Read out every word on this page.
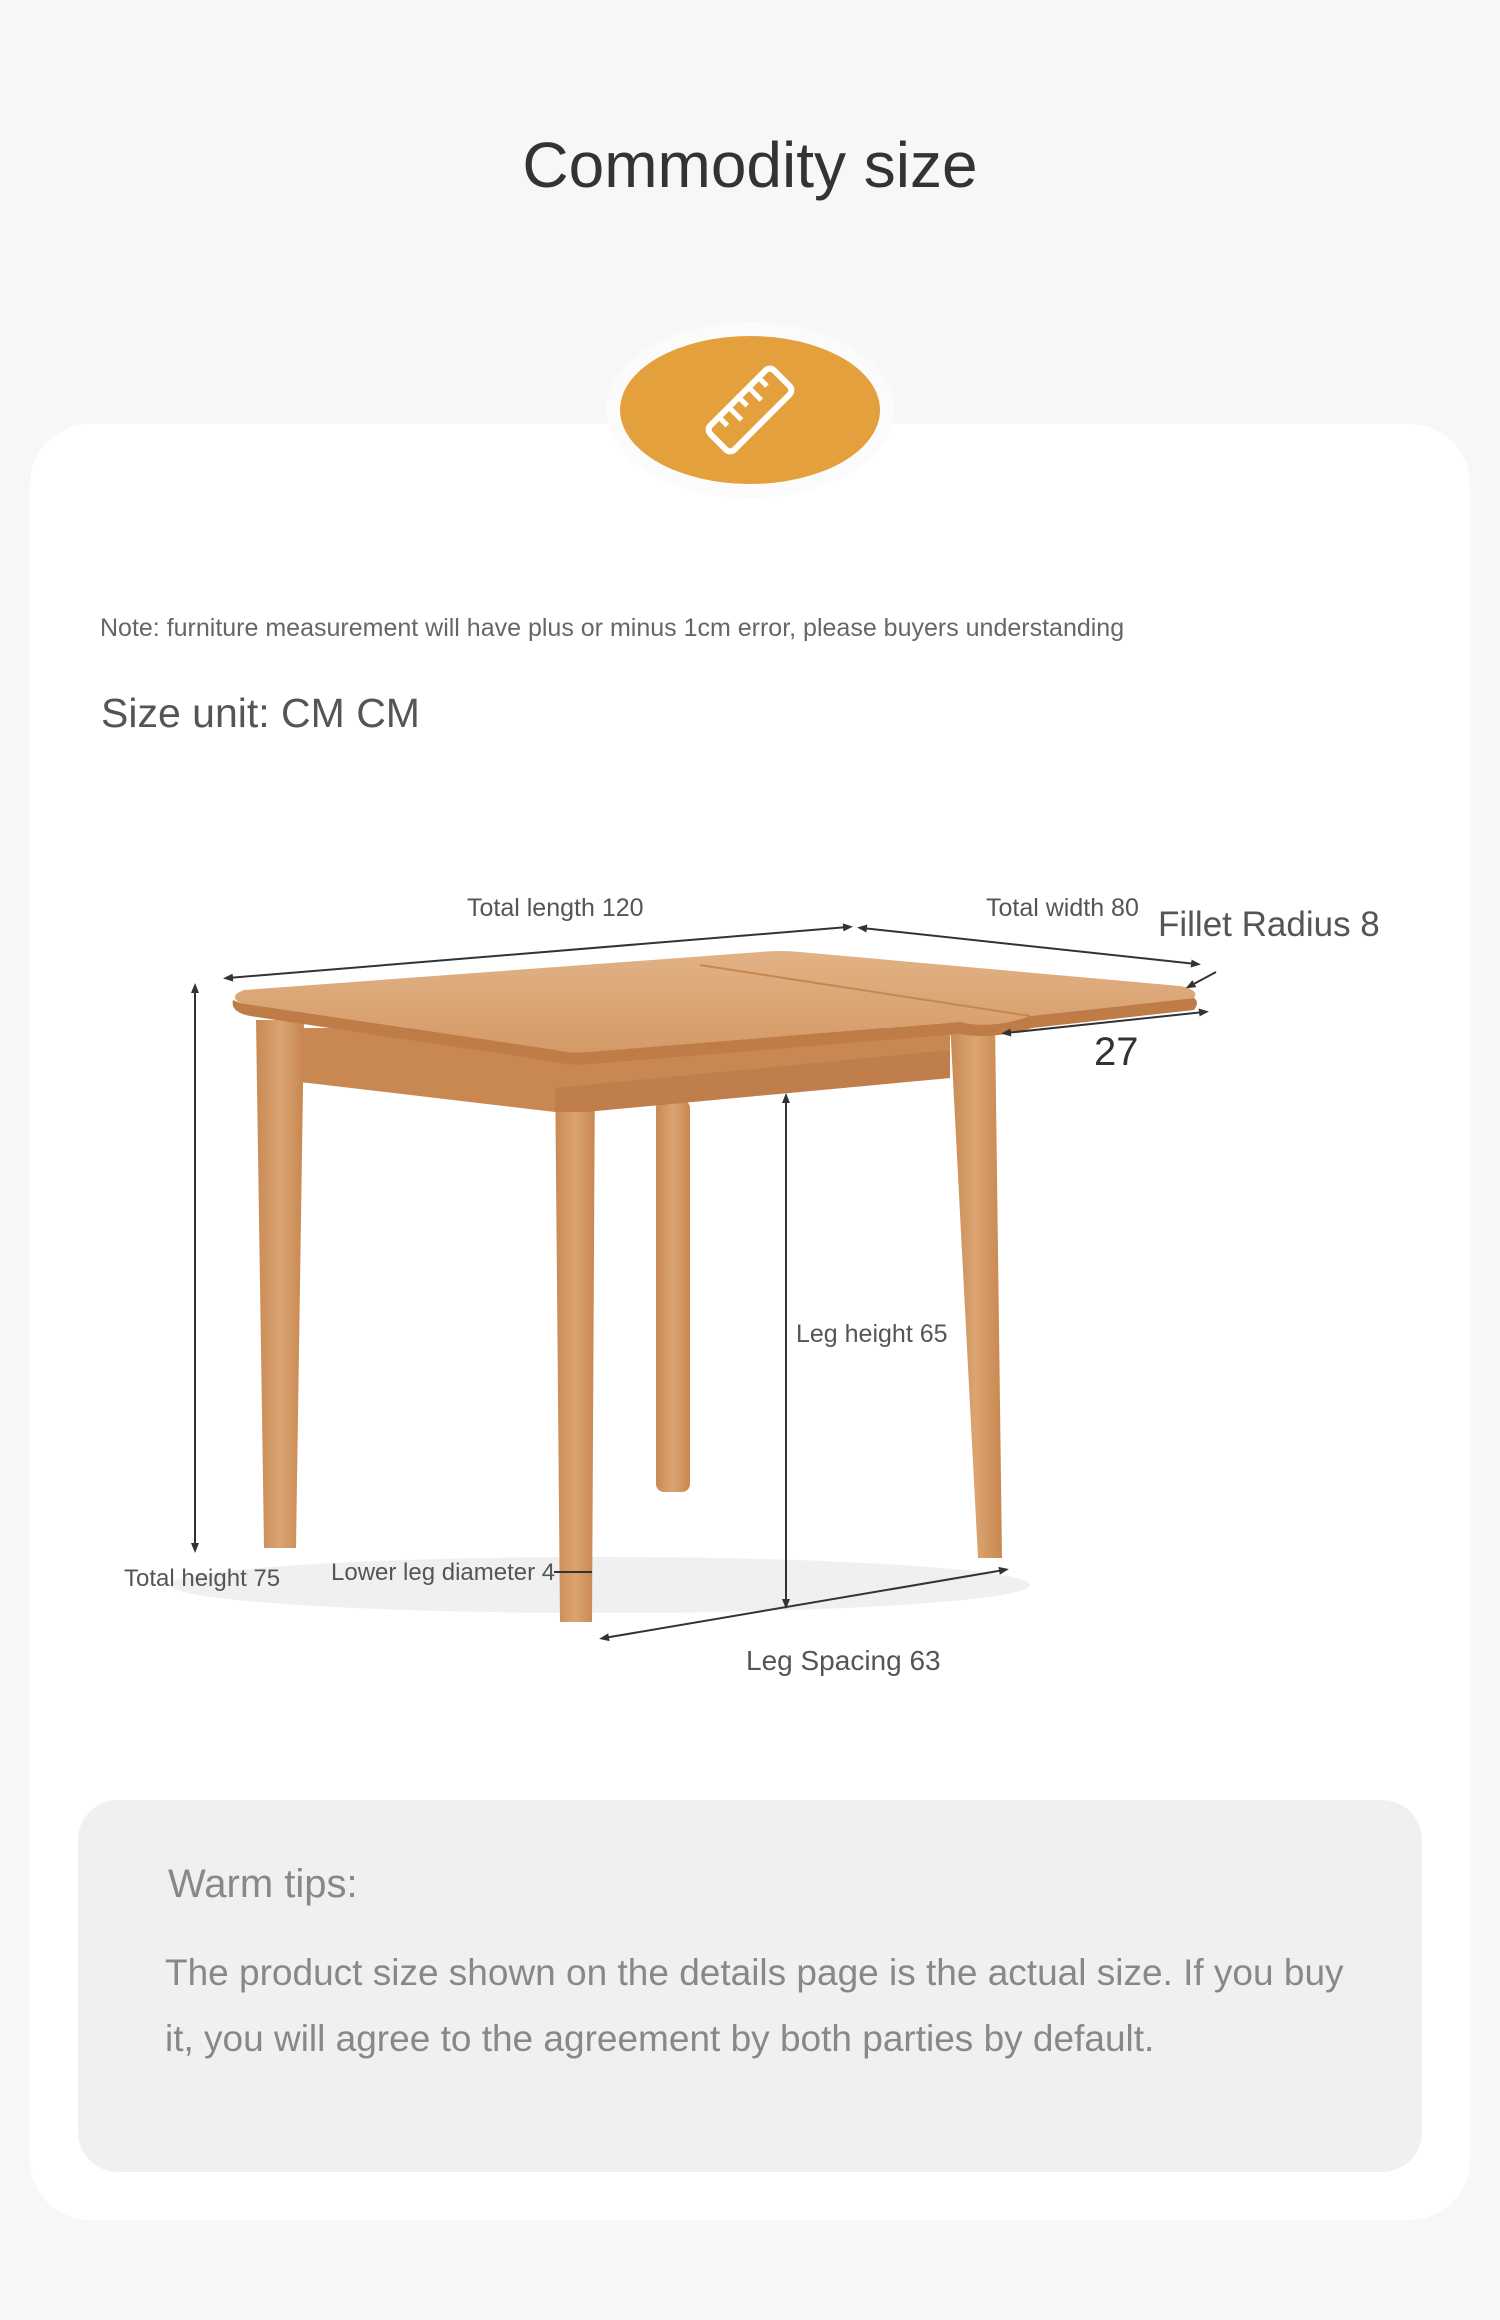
Commodity size
Note: furniture measurement will have plus or minus 1cm error, please buyers understanding
Size unit: CM CM
Total length 120	Total width 80 Fillet Radius 8
27
Leg height 65
Total height 75 Lower leg diameter 4
Leg Spacing 63
Warm tips:
The product size shown on the details page is the actual size. If you buy it, you will agree to the agreement by both parties by default.
